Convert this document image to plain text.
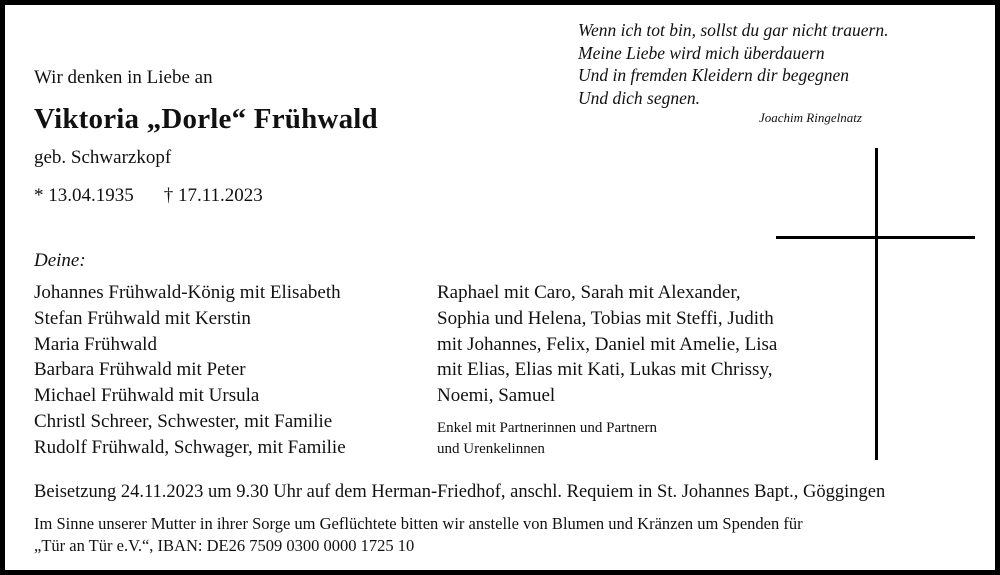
Wir denken in Liebe an
Viktoria „Dorle“ Frühwald
geb. Schwarzkopf
* 13.04.1935 † 17.11.2023
Wenn ich tot bin, sollst du gar nicht trauern.
Meine Liebe wird mich überdauern
Und in fremden Kleidern dir begegnen
Und dich segnen.
Joachim Ringelnatz
Deine:
Johannes Frühwald-König mit Elisabeth
Stefan Frühwald mit Kerstin
Maria Frühwald
Barbara Frühwald mit Peter
Michael Frühwald mit Ursula
Christl Schreer, Schwester, mit Familie
Rudolf Frühwald, Schwager, mit Familie
Raphael mit Caro, Sarah mit Alexander,
Sophia und Helena, Tobias mit Steffi, Judith
mit Johannes, Felix, Daniel mit Amelie, Lisa
mit Elias, Elias mit Kati, Lukas mit Chrissy,
Noemi, Samuel
Enkel mit Partnerinnen und Partnern
und Urenkelinnen
Beisetzung 24.11.2023 um 9.30 Uhr auf dem Herman-Friedhof, anschl. Requiem in St. Johannes Bapt., Göggingen
Im Sinne unserer Mutter in ihrer Sorge um Geflüchtete bitten wir anstelle von Blumen und Kränzen um Spenden für
„Tür an Tür e.V.“, IBAN: DE26 7509 0300 0000 1725 10
